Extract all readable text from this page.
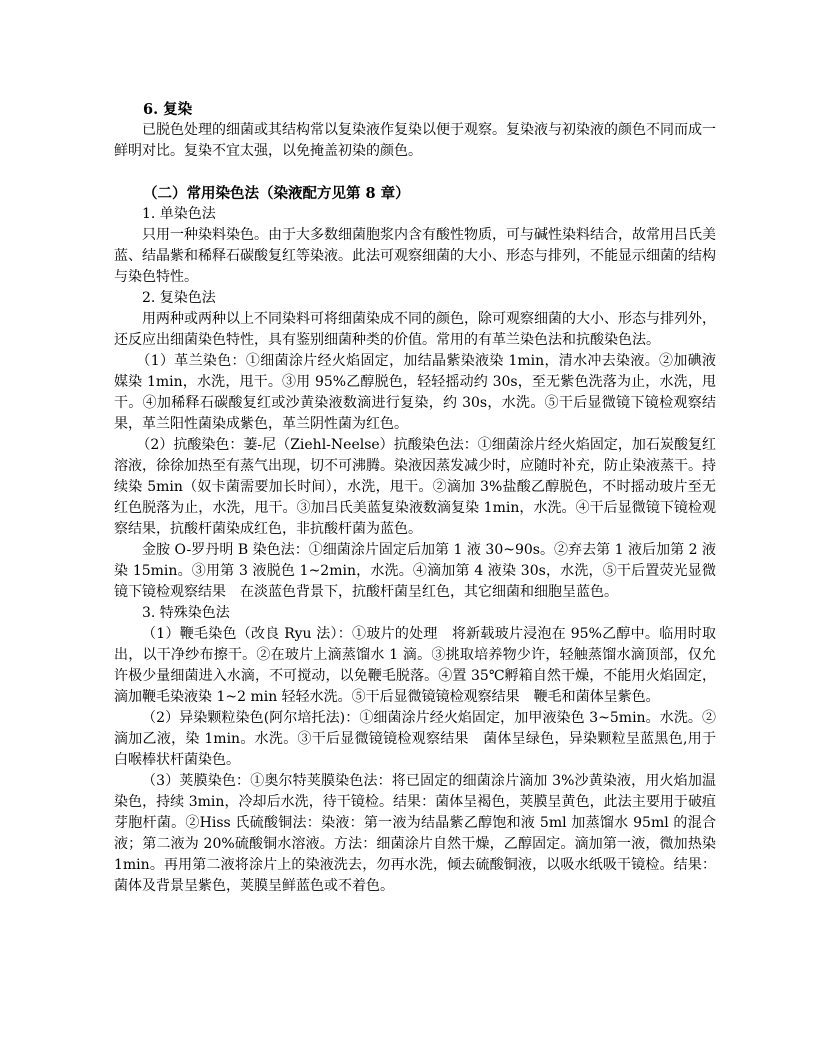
6. 复染

已脱色处理的细菌或其结构常以复染液作复染以便于观察。复染液与初染液的颜色不同而成一鲜明对比。复染不宜太强，以免掩盖初染的颜色。

（二）常用染色法（染液配方见第 8 章）

1. 单染色法

只用一种染料染色。由于大多数细菌胞浆内含有酸性物质，可与碱性染料结合，故常用吕氏美蓝、结晶紫和稀释石碳酸复红等染液。此法可观察细菌的大小、形态与排列，不能显示细菌的结构与染色特性。

2. 复染色法

用两种或两种以上不同染料可将细菌染成不同的颜色，除可观察细菌的大小、形态与排列外，还反应出细菌染色特性，具有鉴别细菌种类的价值。常用的有革兰染色法和抗酸染色法。

（1）革兰染色：①细菌涂片经火焰固定，加结晶紫染液染 1min，清水冲去染液。②加碘液媒染 1min，水洗，甩干。③用 95%乙醇脱色，轻轻摇动约 30s，至无紫色洗落为止，水洗，甩干。④加稀释石碳酸复红或沙黄染液数滴进行复染，约 30s，水洗。⑤干后显微镜下镜检观察结果，革兰阳性菌染成紫色，革兰阴性菌为红色。

（2）抗酸染色：萋-尼（Ziehl-Neelse）抗酸染色法：①细菌涂片经火焰固定，加石炭酸复红溶液，徐徐加热至有蒸气出现，切不可沸腾。染液因蒸发减少时，应随时补充，防止染液蒸干。持续染 5min（奴卡菌需要加长时间），水洗，甩干。②滴加 3%盐酸乙醇脱色，不时摇动玻片至无红色脱落为止，水洗，甩干。③加吕氏美蓝复染液数滴复染 1min，水洗。④干后显微镜下镜检观察结果，抗酸杆菌染成红色，非抗酸杆菌为蓝色。

金胺 O-罗丹明 B 染色法：①细菌涂片固定后加第 1 液 30~90s。②弃去第 1 液后加第 2 液染 15min。③用第 3 液脱色 1~2min，水洗。④滴加第 4 液染 30s，水洗，⑤干后置荧光显微镜下镜检观察结果　在淡蓝色背景下，抗酸杆菌呈红色，其它细菌和细胞呈蓝色。

3. 特殊染色法

（1）鞭毛染色（改良 Ryu 法）：①玻片的处理　将新载玻片浸泡在 95%乙醇中。临用时取出，以干净纱布擦干。②在玻片上滴蒸馏水 1 滴。③挑取培养物少许，轻触蒸馏水滴顶部，仅允许极少量细菌进入水滴，不可搅动，以免鞭毛脱落。④置 35℃孵箱自然干燥，不能用火焰固定，滴加鞭毛染液染 1~2 min 轻轻水洗。⑤干后显微镜镜检观察结果　鞭毛和菌体呈紫色。

（2）异染颗粒染色(阿尔培托法)：①细菌涂片经火焰固定，加甲液染色 3~5min。水洗。②滴加乙液，染 1min。水洗。③干后显微镜镜检观察结果　菌体呈绿色，异染颗粒呈蓝黑色,用于白喉棒状杆菌染色。

（3）荚膜染色：①奥尔特荚膜染色法：将已固定的细菌涂片滴加 3%沙黄染液，用火焰加温染色，持续 3min，冷却后水洗，待干镜检。结果：菌体呈褐色，荚膜呈黄色，此法主要用于破疽芽胞杆菌。②Hiss 氏硫酸铜法：染液：第一液为结晶紫乙醇饱和液 5ml 加蒸馏水 95ml 的混合液；第二液为 20%硫酸铜水溶液。方法：细菌涂片自然干燥，乙醇固定。滴加第一液，微加热染 1min。再用第二液将涂片上的染液洗去，勿再水洗，倾去硫酸铜液，以吸水纸吸干镜检。结果：菌体及背景呈紫色，荚膜呈鲜蓝色或不着色。
